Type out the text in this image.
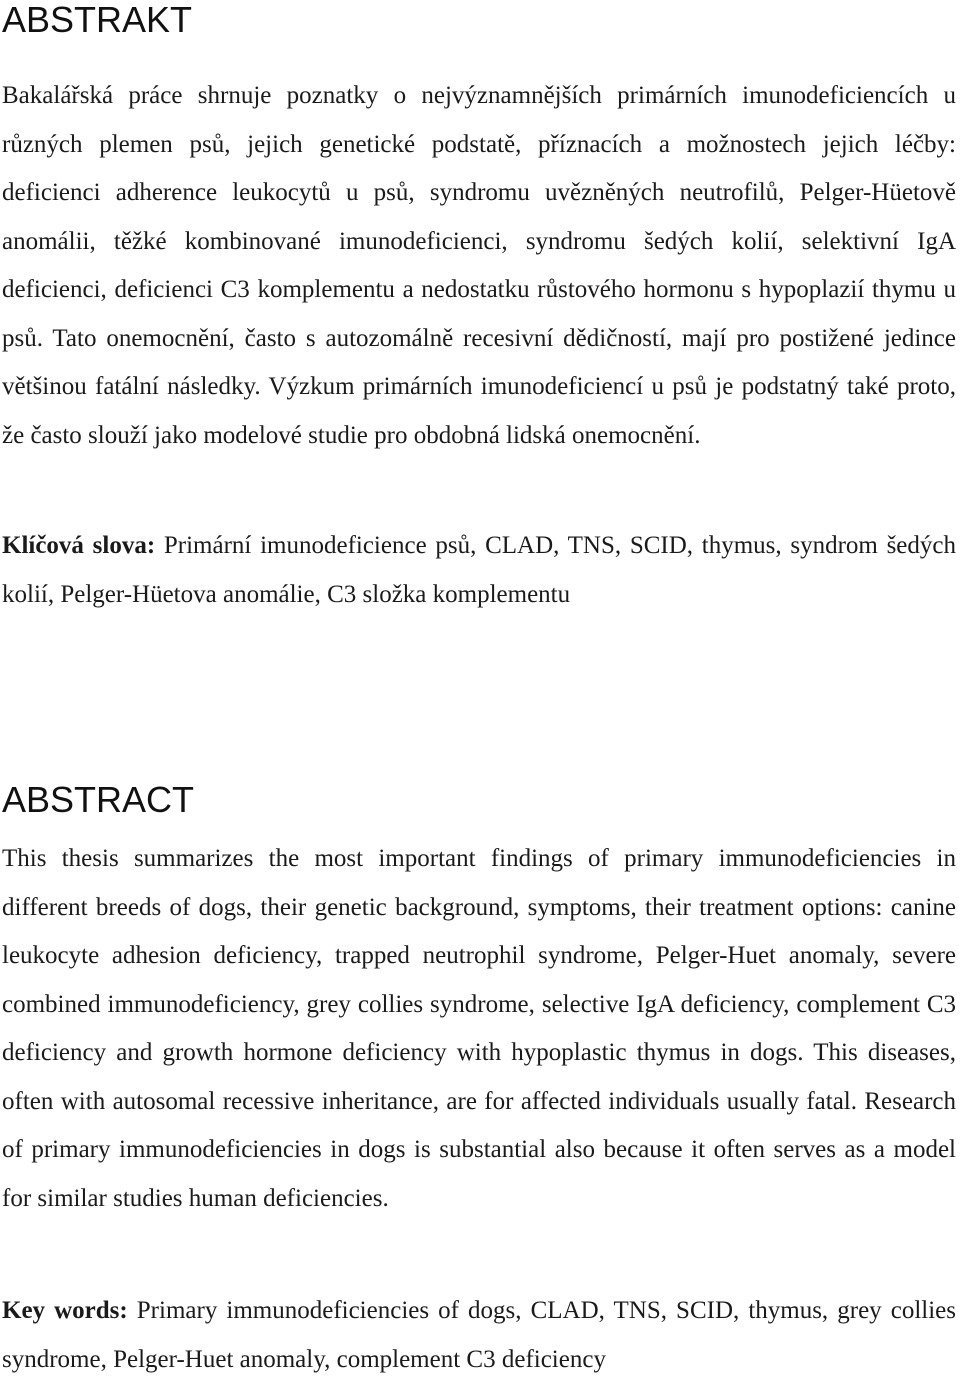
ABSTRAKT

Bakalářská práce shrnuje poznatky o nejvýznamnějších primárních imunodeficiencích u různých plemen psů, jejich genetické podstatě, příznacích a možnostech jejich léčby: deficienci adherence leukocytů u psů, syndromu uvězněných neutrofilů, Pelger-Hüetově anomálii, těžké kombinované imunodeficienci, syndromu šedých kolií, selektivní IgA deficienci, deficienci C3 komplementu a nedostatku růstového hormonu s hypoplazií thymu u psů. Tato onemocnění, často s autozomálně recesivní dědičností, mají pro postižené jedince většinou fatální následky. Výzkum primárních imunodeficiencí u psů je podstatný také proto, že často slouží jako modelové studie pro obdobná lidská onemocnění.

Klíčová slova: Primární imunodeficience psů, CLAD, TNS, SCID, thymus, syndrom šedých kolií, Pelger-Hüetova anomálie, C3 složka komplementu

ABSTRACT

This thesis summarizes the most important findings of primary immunodeficiencies in different breeds of dogs, their genetic background, symptoms, their treatment options: canine leukocyte adhesion deficiency, trapped neutrophil syndrome, Pelger-Huet anomaly, severe combined immunodeficiency, grey collies syndrome, selective IgA deficiency, complement C3 deficiency and growth hormone deficiency with hypoplastic thymus in dogs. This diseases, often with autosomal recessive inheritance, are for affected individuals usually fatal. Research of primary immunodeficiencies in dogs is substantial also because it often serves as a model for similar studies human deficiencies.

Key words: Primary immunodeficiencies of dogs, CLAD, TNS, SCID, thymus, grey collies syndrome, Pelger-Huet anomaly, complement C3 deficiency
